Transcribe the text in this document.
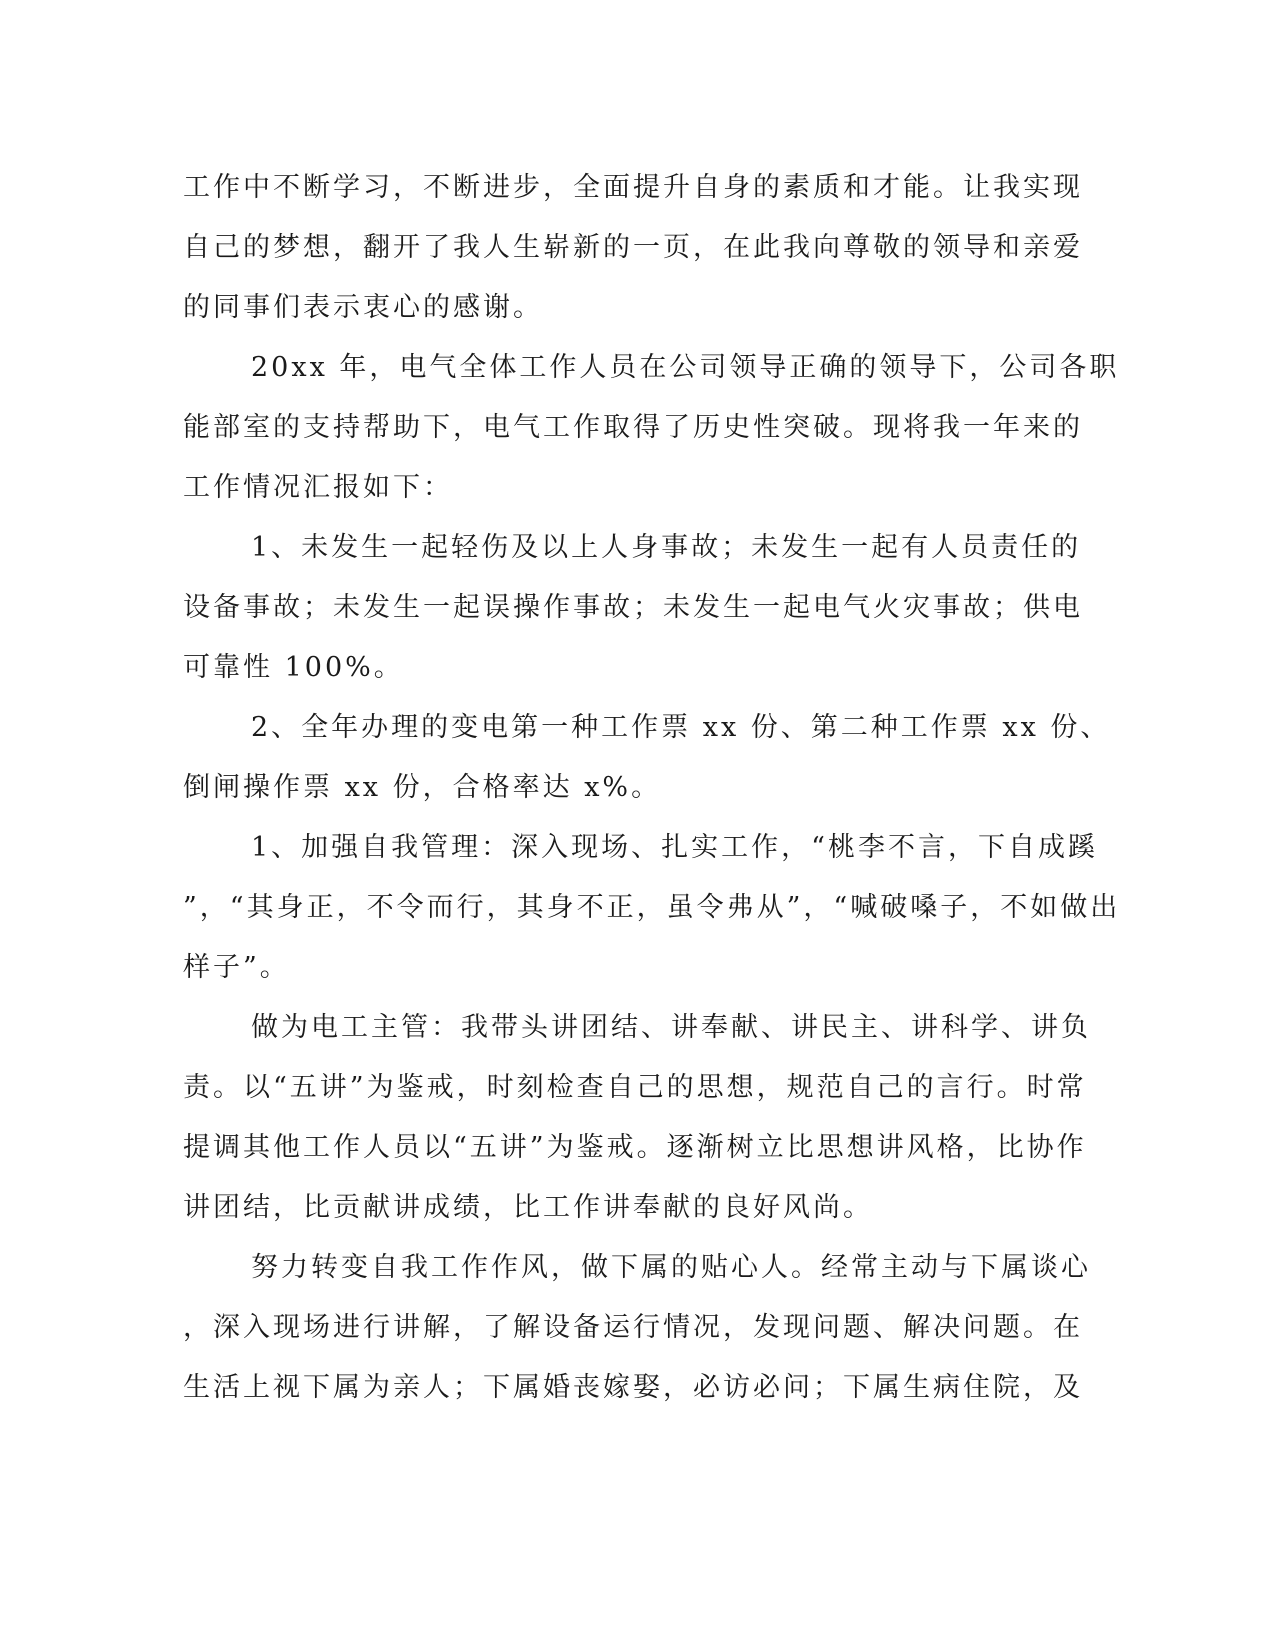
工作中不断学习，不断进步，全面提升自身的素质和才能。让我实现

自己的梦想，翻开了我人生崭新的一页，在此我向尊敬的领导和亲爱

的同事们表示衷心的感谢。

20xx 年，电气全体工作人员在公司领导正确的领导下，公司各职

能部室的支持帮助下，电气工作取得了历史性突破。现将我一年来的

工作情况汇报如下：

1、未发生一起轻伤及以上人身事故；未发生一起有人员责任的

设备事故；未发生一起误操作事故；未发生一起电气火灾事故；供电

可靠性 100%。

2、全年办理的变电第一种工作票 xx 份、第二种工作票 xx 份、

倒闸操作票 xx 份，合格率达 x%。

1、加强自我管理：深入现场、扎实工作，“桃李不言，下自成蹊

”，“其身正，不令而行，其身不正，虽令弗从”，“喊破嗓子，不如做出

样子”。

做为电工主管：我带头讲团结、讲奉献、讲民主、讲科学、讲负

责。以“五讲”为鉴戒，时刻检查自己的思想，规范自己的言行。时常

提调其他工作人员以“五讲”为鉴戒。逐渐树立比思想讲风格，比协作

讲团结，比贡献讲成绩，比工作讲奉献的良好风尚。

努力转变自我工作作风，做下属的贴心人。经常主动与下属谈心

，深入现场进行讲解，了解设备运行情况，发现问题、解决问题。在

生活上视下属为亲人；下属婚丧嫁娶，必访必问；下属生病住院，及
